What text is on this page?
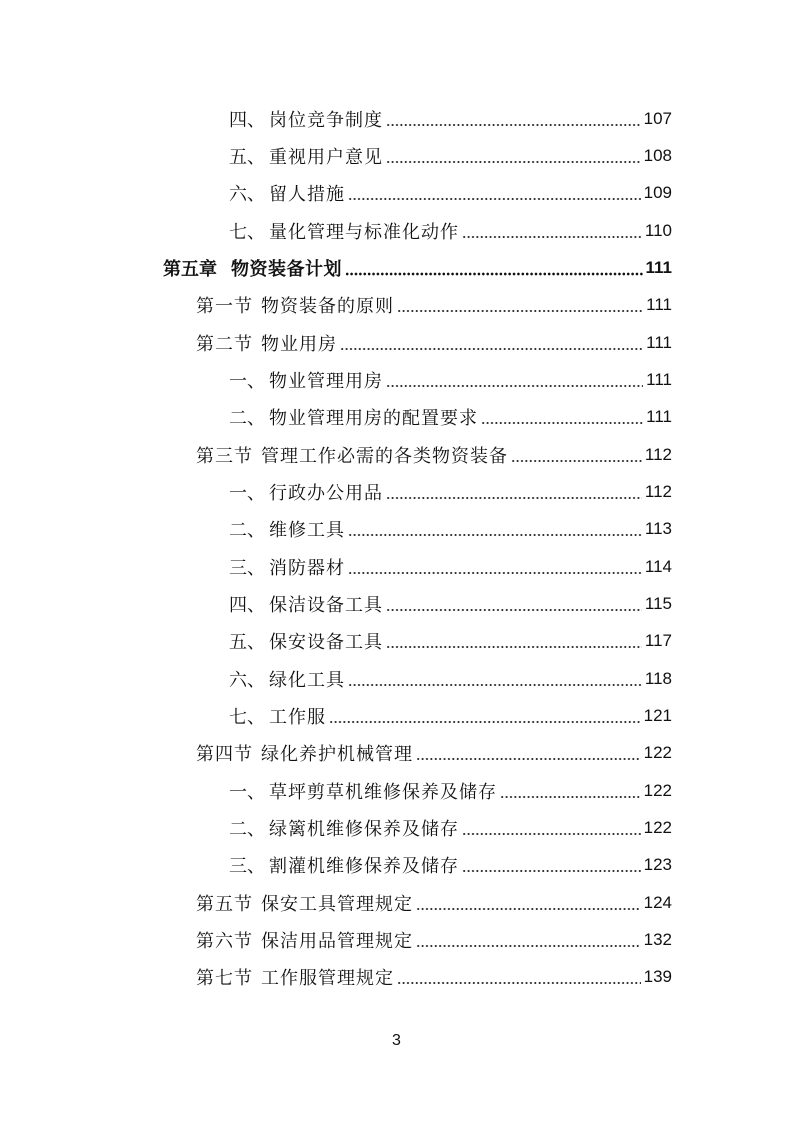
四、 岗位竞争制度	107
五、 重视用户意见	108
六、 留人措施	109
七、 量化管理与标准化动作	110
第五章 物资装备计划	111
第一节 物资装备的原则	111
第二节 物业用房	111
一、 物业管理用房	111
二、 物业管理用房的配置要求	111
第三节 管理工作必需的各类物资装备	112
一、 行政办公用品	112
二、 维修工具	113
三、 消防器材	114
四、 保洁设备工具	115
五、 保安设备工具	117
六、 绿化工具	118
七、 工作服	121
第四节 绿化养护机械管理	122
一、 草坪剪草机维修保养及储存	122
二、 绿篱机维修保养及储存	122
三、 割灌机维修保养及储存	123
第五节 保安工具管理规定	124
第六节 保洁用品管理规定	132
第七节 工作服管理规定	139
3
